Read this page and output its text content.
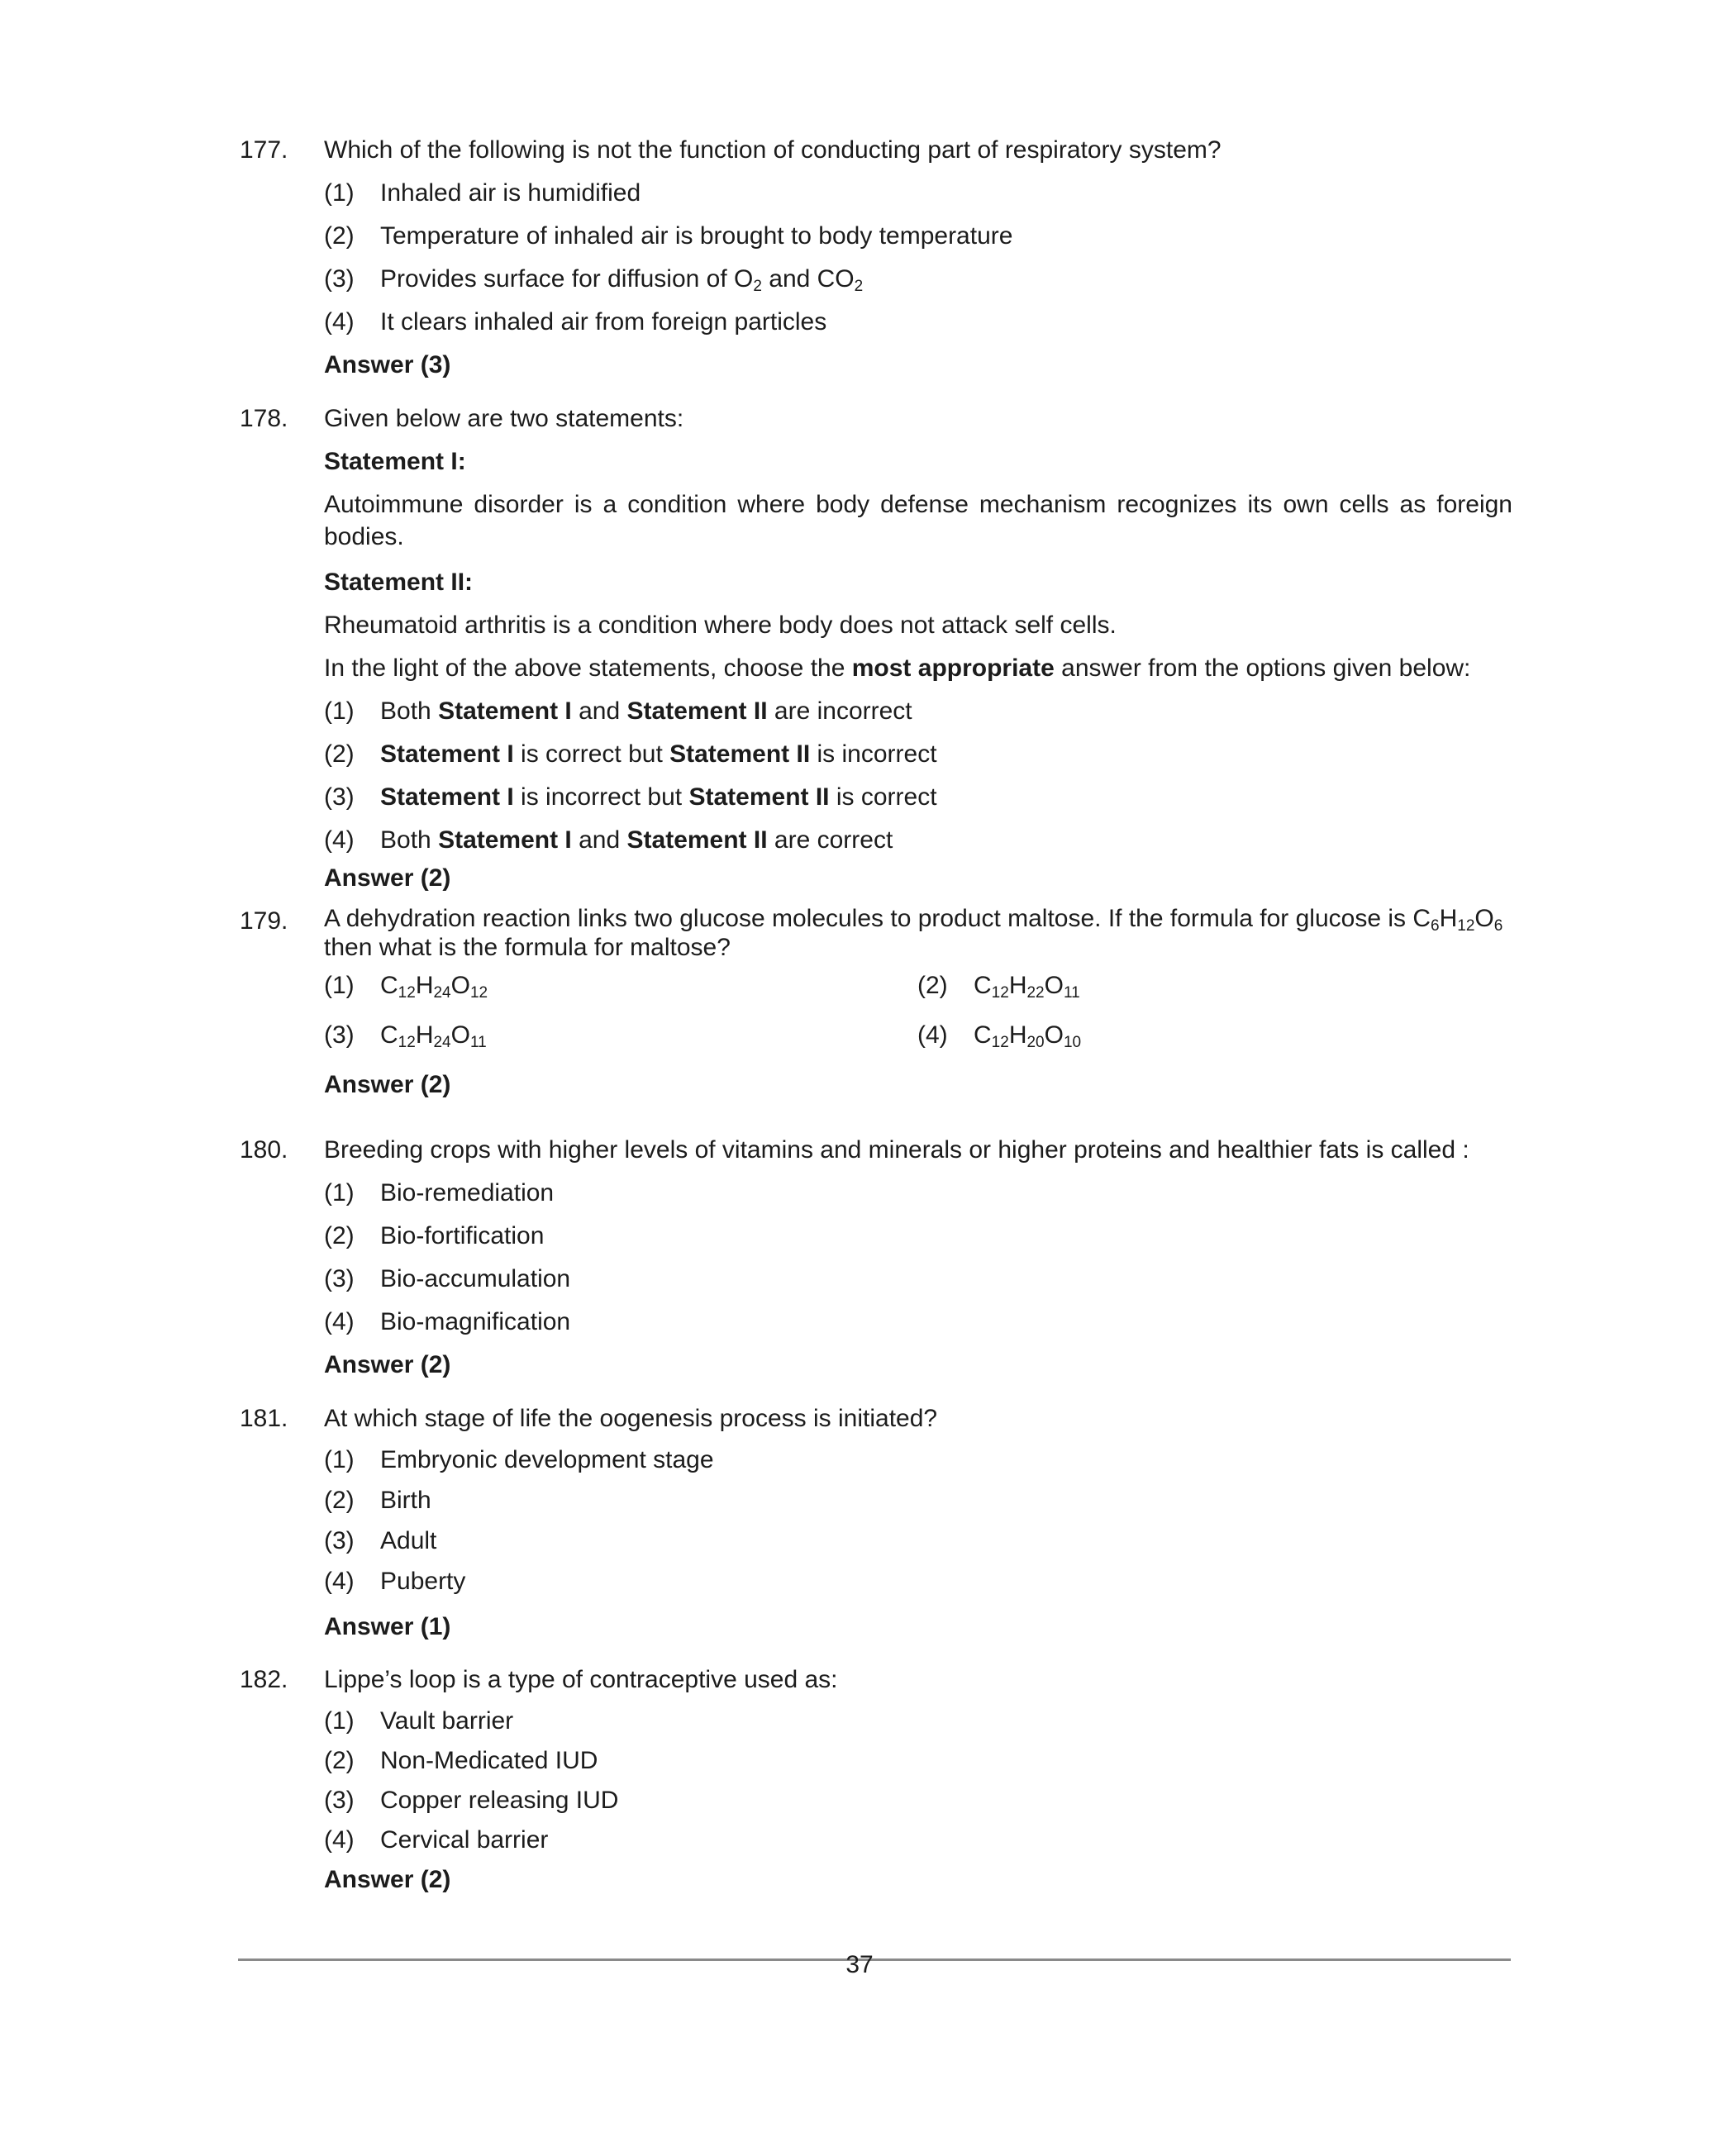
177.	Which of the following is not the function of conducting part of respiratory system?
(1) Inhaled air is humidified
(2) Temperature of inhaled air is brought to body temperature
(3) Provides surface for diffusion of $O_2$ and $CO_2$
(4) It clears inhaled air from foreign particles
Answer (3)
178.	Given below are two statements:
Statement I:
Autoimmune disorder is a condition where body defense mechanism recognizes its own cells as foreign bodies.
Statement II:
Rheumatoid arthritis is a condition where body does not attack self cells.
In the light of the above statements, choose the most appropriate answer from the options given below:
(1) Both Statement I and Statement II are incorrect
(2) Statement I is correct but Statement II is incorrect
(3) Statement I is incorrect but Statement II is correct
(4) Both Statement I and Statement II are correct
Answer (2)
179.	A dehydration reaction links two glucose molecules to product maltose. If the formula for glucose is $C_6H_{12}O_6$
then what is the formula for maltose?
(1) $C_{12}H_{24}O_{12}$	(2) $C_{12}H_{22}O_{11}$
(3) $C_{12}H_{24}O_{11}$	(4) $C_{12}H_{20}O_{10}$
Answer (2)
180.	Breeding crops with higher levels of vitamins and minerals or higher proteins and healthier fats is called :
(1) Bio-remediation
(2) Bio-fortification
(3) Bio-accumulation
(4) Bio-magnification
Answer (2)
181.	At which stage of life the oogenesis process is initiated?
(1) Embryonic development stage
(2) Birth
(3) Adult
(4) Puberty
Answer (1)
182.	Lippe’s loop is a type of contraceptive used as:
(1) Vault barrier
(2) Non-Medicated IUD
(3) Copper releasing IUD
(4) Cervical barrier
Answer (2)
37
